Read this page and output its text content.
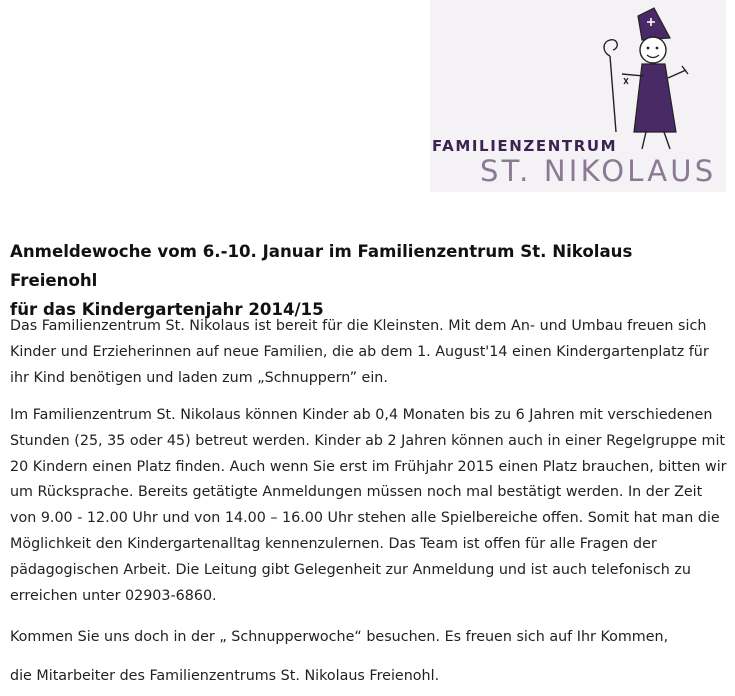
FAMILIENZENTRUM
ST. NIKOLAUS
Anmeldewoche vom 6.-10. Januar im Familienzentrum St. Nikolaus Freienohl
für das Kindergartenjahr 2014/15

Das Familienzentrum St. Nikolaus ist bereit für die Kleinsten. Mit dem An- und Umbau freuen sich Kinder und Erzieherinnen auf neue Familien, die ab dem 1. August'14 einen Kindergartenplatz für ihr Kind benötigen und laden zum „Schnuppern” ein.

Im Familienzentrum St. Nikolaus können Kinder ab 0,4 Monaten bis zu 6 Jahren mit verschiedenen Stunden (25, 35 oder 45) betreut werden. Kinder ab 2 Jahren können auch in einer Regelgruppe mit 20 Kindern einen Platz finden. Auch wenn Sie erst im Frühjahr 2015 einen Platz brauchen, bitten wir um Rücksprache. Bereits getätigte Anmeldungen müssen noch mal bestätigt werden. In der Zeit von 9.00 - 12.00 Uhr und von 14.00 – 16.00 Uhr stehen alle Spielbereiche offen. Somit hat man die Möglichkeit den Kindergartenalltag kennenzulernen. Das Team ist offen für alle Fragen der pädagogischen Arbeit. Die Leitung gibt Gelegenheit zur Anmeldung und ist auch telefonisch zu erreichen unter 02903-6860.

Kommen Sie uns doch in der „ Schnupperwoche“ besuchen. Es freuen sich auf Ihr Kommen,

die Mitarbeiter des Familienzentrums St. Nikolaus Freienohl.
